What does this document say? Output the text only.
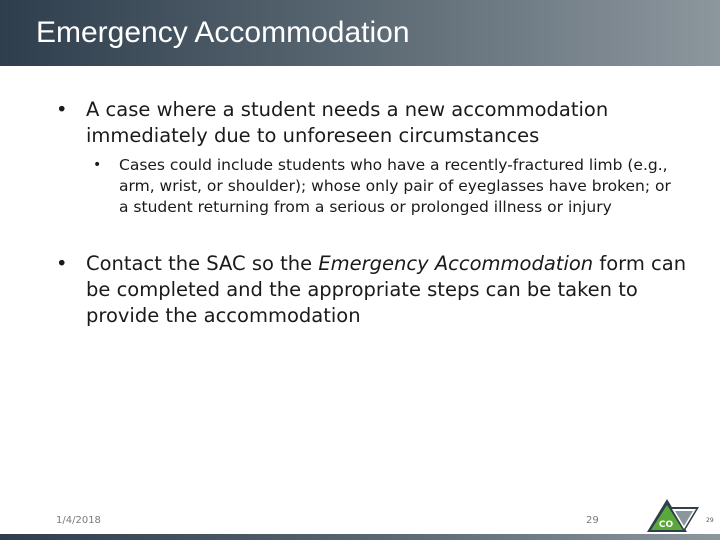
Emergency Accommodation
• A case where a student needs a new accommodation immediately due to unforeseen circumstances
• Cases could include students who have a recently-fractured limb (e.g., arm, wrist, or shoulder); whose only pair of eyeglasses have broken; or a student returning from a serious or prolonged illness or injury
• Contact the SAC so the Emergency Accommodation form can be completed and the appropriate steps can be taken to provide the accommodation
1/4/2018	29	CO	29
